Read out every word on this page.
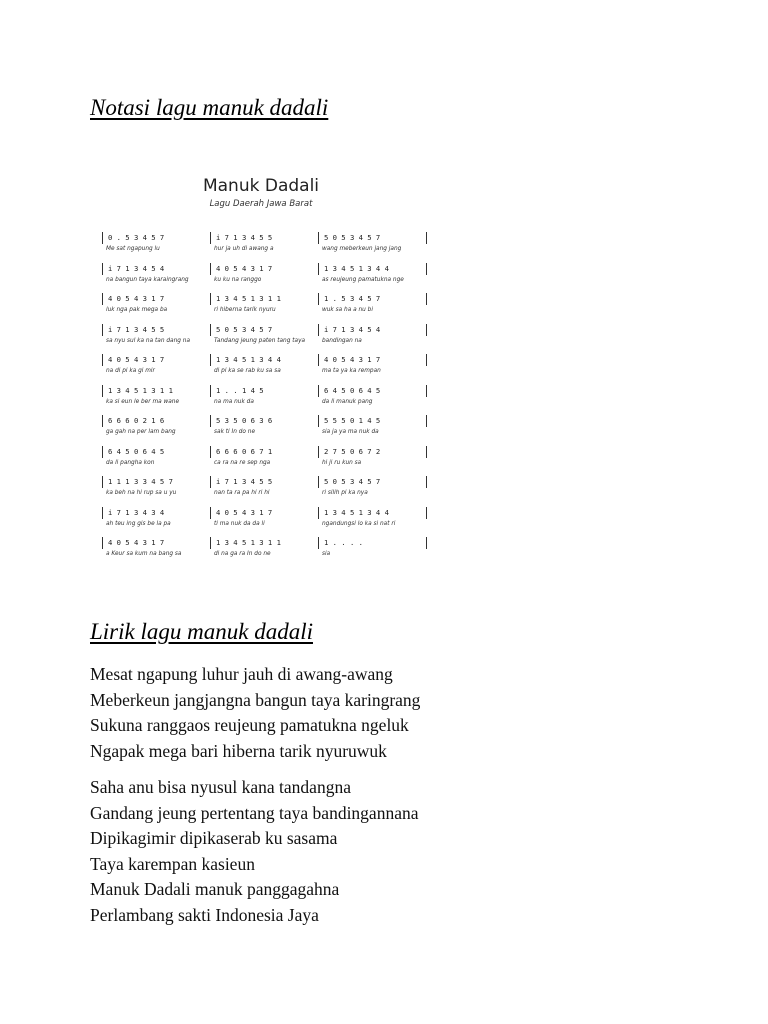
Notasi lagu manuk dadali
Manuk Dadali
Lagu Daerah Jawa Barat
0 . 5 3 4 5 7	i 7 1 3 4 5 5	5 0 5 3 4 5 7
Me sat ngapung lu	hur ja uh di awang a	wang meberkeun jang jang
i 7 1 3 4 5 4	4 0 5 4 3 1 7	1 3 4 5 1 3 4 4
na bangun taya karaingrang	ku ku na ranggo	as reujeung pamatukna nge
4 0 5 4 3 1 7	1 3 4 5 1 3 1 1	1 . 5 3 4 5 7
luk nga pak mega ba	ri hiberna tarik nyuru	wuk sa ha a nu bi
i 7 1 3 4 5 5	5 0 5 3 4 5 7	i 7 1 3 4 5 4
sa nyu sul ka na tan dang na	Tandang jeung paten tang taya	bandingan na
4 0 5 4 3 1 7	1 3 4 5 1 3 4 4	4 0 5 4 3 1 7
na di pi ka gi mir	di pi ka se rab ku sa sa	ma ta ya ka rempan
1 3 4 5 1 3 1 1	1 . . 1 4 5	6 4 5 0 6 4 5
ka si eun le ber ma wane	na ma nuk da	da li manuk pang
6 6 6 0 2 1 6	5 3 5 0 6 3 6	5 5 5 0 1 4 5
ga gah na per lam bang	sak ti In do ne	sia ja ya ma nuk da
6 4 5 0 6 4 5	6 6 6 0 6 7 1	2 7 5 0 6 7 2
da li pangha kon	ca ra na re sep nga	hi ji ru kun sa
1 1 1 3 3 4 5 7	i 7 1 3 4 5 5	5 0 5 3 4 5 7
ka beh na hi rup sa u yu	nan ta ra pa hi ri hi	ri silih pi ka nya
i 7 1 3 4 3 4	4 0 5 4 3 1 7	1 3 4 5 1 3 4 4
ah teu ing gis be la pa	ti ma nuk da da li	ngandungsi lo ka si nat ri
4 0 5 4 3 1 7	1 3 4 5 1 3 1 1	1 . . . .
a Keur sa kum na bang sa	di na ga ra In do ne	sia
Lirik lagu manuk dadali
Mesat ngapung luhur jauh di awang-awang
Meberkeun jangjangna bangun taya karingrang
Sukuna ranggaos reujeung pamatukna ngeluk
Ngapak mega bari hiberna tarik nyuruwuk
Saha anu bisa nyusul kana tandangna
Gandang jeung pertentang taya bandingannana
Dipikagimir dipikaserab ku sasama
Taya karempan kasieun
Manuk Dadali manuk panggagahna
Perlambang sakti Indonesia Jaya
